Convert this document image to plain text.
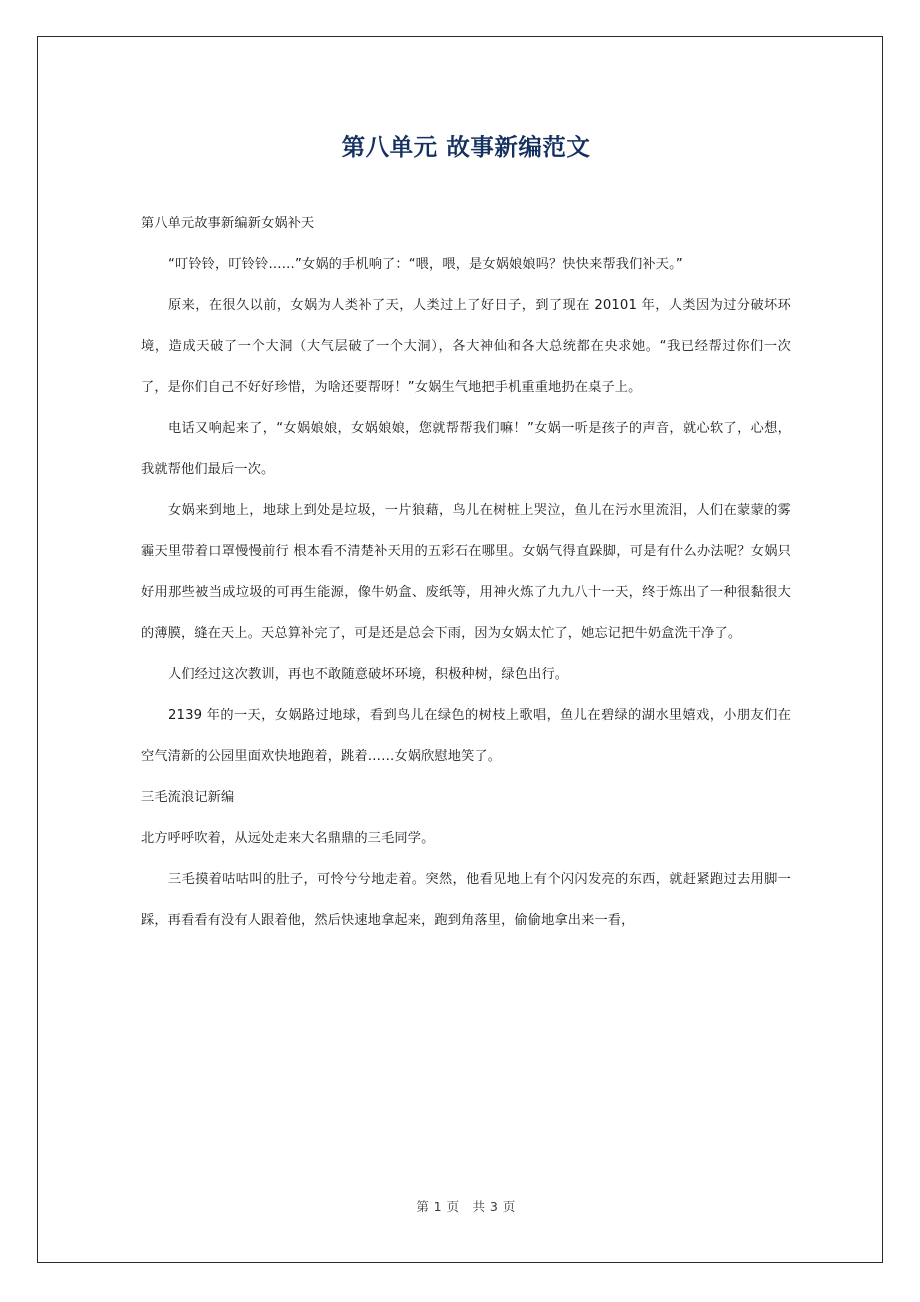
第八单元 故事新编范文

第八单元故事新编新女娲补天

“叮铃铃，叮铃铃……”女娲的手机响了：“喂，喂，是女娲娘娘吗？快快来帮我们补天。”

原来，在很久以前，女娲为人类补了天，人类过上了好日子，到了现在 20101 年，人类因为过分破坏环境，造成天破了一个大洞（大气层破了一个大洞），各大神仙和各大总统都在央求她。“我已经帮过你们一次了，是你们自己不好好珍惜，为啥还要帮呀！”女娲生气地把手机重重地扔在桌子上。

电话又响起来了，“女娲娘娘，女娲娘娘，您就帮帮我们嘛！”女娲一听是孩子的声音，就心软了，心想，我就帮他们最后一次。

女娲来到地上，地球上到处是垃圾，一片狼藉，鸟儿在树桩上哭泣，鱼儿在污水里流泪，人们在蒙蒙的雾霾天里带着口罩慢慢前行 根本看不清楚补天用的五彩石在哪里。女娲气得直跺脚，可是有什么办法呢？女娲只好用那些被当成垃圾的可再生能源，像牛奶盒、废纸等，用神火炼了九九八十一天，终于炼出了一种很黏很大的薄膜，缝在天上。天总算补完了，可是还是总会下雨，因为女娲太忙了，她忘记把牛奶盒洗干净了。

人们经过这次教训，再也不敢随意破坏环境，积极种树，绿色出行。

2139 年的一天，女娲路过地球，看到鸟儿在绿色的树枝上歌唱，鱼儿在碧绿的湖水里嬉戏，小朋友们在空气清新的公园里面欢快地跑着，跳着……女娲欣慰地笑了。

三毛流浪记新编

北方呼呼吹着，从远处走来大名鼎鼎的三毛同学。

三毛摸着咕咕叫的肚子，可怜兮兮地走着。突然，他看见地上有个闪闪发亮的东西，就赶紧跑过去用脚一踩，再看看有没有人跟着他，然后快速地拿起来，跑到角落里，偷偷地拿出来一看，

第 1 页　共 3 页
